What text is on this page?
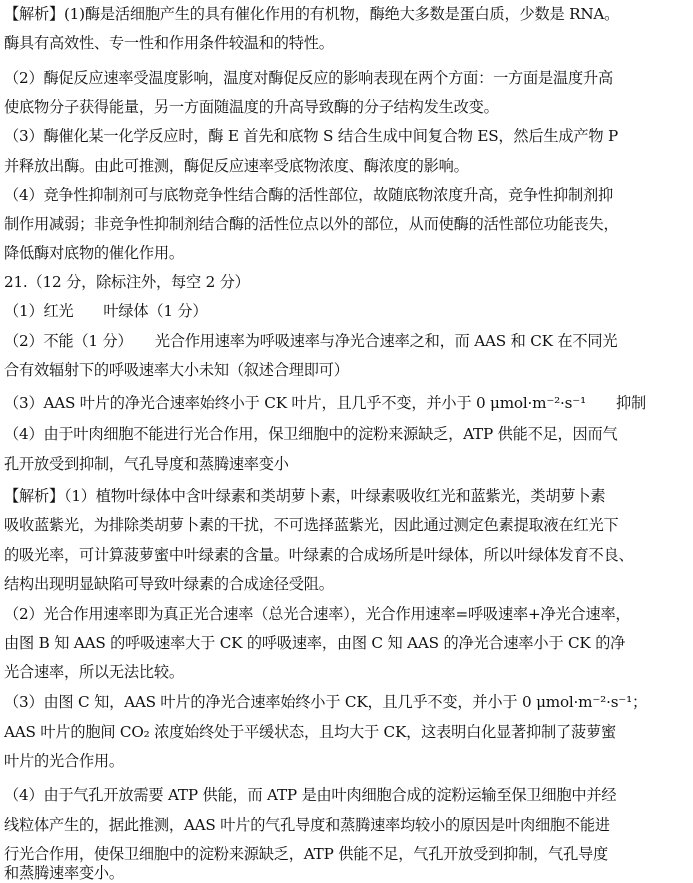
【解析】(1)酶是活细胞产生的具有催化作用的有机物，酶绝大多数是蛋白质，少数是 RNA。
酶具有高效性、专一性和作用条件较温和的特性。
（2）酶促反应速率受温度影响，温度对酶促反应的影响表现在两个方面：一方面是温度升高
使底物分子获得能量，另一方面随温度的升高导致酶的分子结构发生改变。
（3）酶催化某一化学反应时，酶 E 首先和底物 S 结合生成中间复合物 ES，然后生成产物 P
并释放出酶。由此可推测，酶促反应速率受底物浓度、酶浓度的影响。
（4）竞争性抑制剂可与底物竞争性结合酶的活性部位，故随底物浓度升高，竞争性抑制剂抑
制作用减弱；非竞争性抑制剂结合酶的活性位点以外的部位，从而使酶的活性部位功能丧失，
降低酶对底物的催化作用。
21.（12 分，除标注外，每空 2 分）
（1）红光　　叶绿体（1 分）
（2）不能（1 分）　　光合作用速率为呼吸速率与净光合速率之和，而 AAS 和 CK 在不同光
合有效辐射下的呼吸速率大小未知（叙述合理即可）
（3）AAS 叶片的净光合速率始终小于 CK 叶片，且几乎不变，并小于 0 μmol·m⁻²·s⁻¹　　抑制
（4）由于叶肉细胞不能进行光合作用，保卫细胞中的淀粉来源缺乏，ATP 供能不足，因而气
孔开放受到抑制，气孔导度和蒸腾速率变小
【解析】（1）植物叶绿体中含叶绿素和类胡萝卜素，叶绿素吸收红光和蓝紫光，类胡萝卜素
吸收蓝紫光，为排除类胡萝卜素的干扰，不可选择蓝紫光，因此通过测定色素提取液在红光下
的吸光率，可计算菠萝蜜中叶绿素的含量。叶绿素的合成场所是叶绿体，所以叶绿体发育不良、
结构出现明显缺陷可导致叶绿素的合成途径受阻。
（2）光合作用速率即为真正光合速率（总光合速率），光合作用速率=呼吸速率+净光合速率，
由图 B 知 AAS 的呼吸速率大于 CK 的呼吸速率，由图 C 知 AAS 的净光合速率小于 CK 的净
光合速率，所以无法比较。
（3）由图 C 知，AAS 叶片的净光合速率始终小于 CK，且几乎不变，并小于 0 μmol·m⁻²·s⁻¹；
AAS 叶片的胞间 CO₂ 浓度始终处于平缓状态，且均大于 CK，这表明白化显著抑制了菠萝蜜
叶片的光合作用。
（4）由于气孔开放需要 ATP 供能，而 ATP 是由叶肉细胞合成的淀粉运输至保卫细胞中并经
线粒体产生的，据此推测，AAS 叶片的气孔导度和蒸腾速率均较小的原因是叶肉细胞不能进
行光合作用，使保卫细胞中的淀粉来源缺乏，ATP 供能不足，气孔开放受到抑制，气孔导度
和蒸腾速率变小。
